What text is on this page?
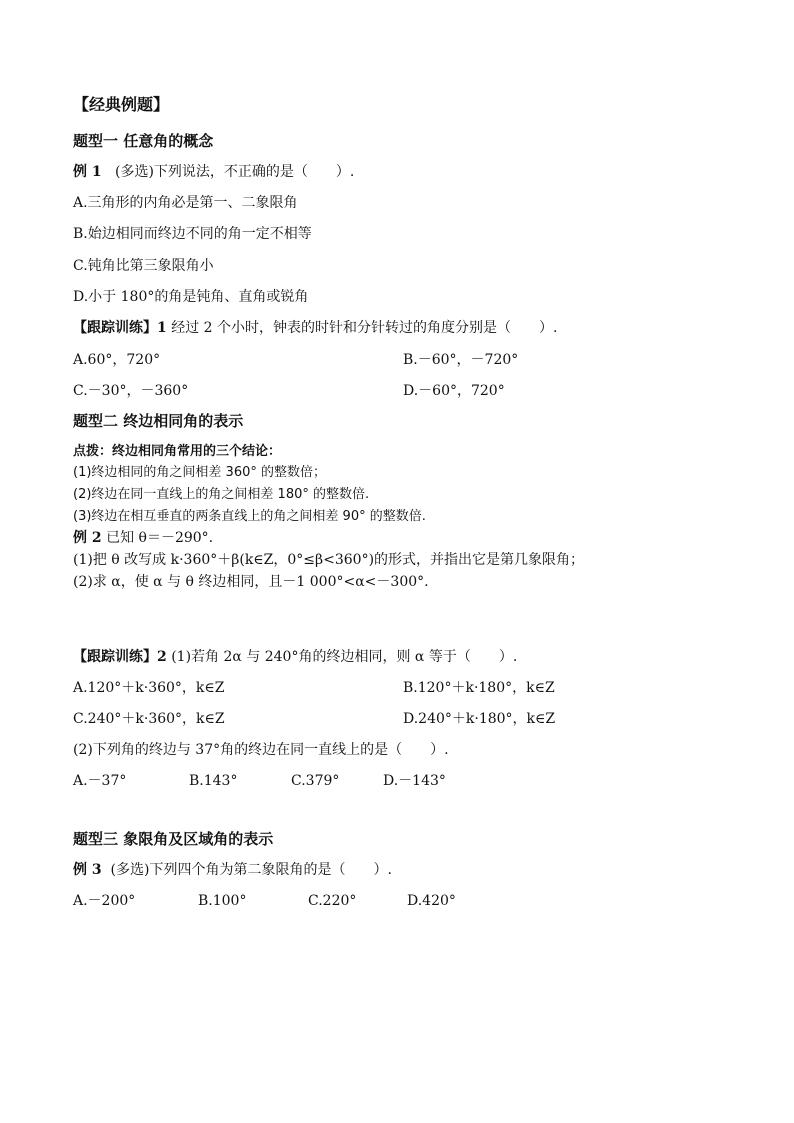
【经典例题】
题型一 任意角的概念
例 1 (多选)下列说法，不正确的是（　　）.
A.三角形的内角必是第一、二象限角
B.始边相同而终边不同的角一定不相等
C.钝角比第三象限角小
D.小于 180°的角是钝角、直角或锐角
【跟踪训练】1 经过 2 个小时，钟表的时针和分针转过的角度分别是（　　）.
A.60°，720°	B.－60°，－720°
C.－30°，－360°	D.－60°，720°
题型二 终边相同角的表示
点拨：终边相同角常用的三个结论：
(1)终边相同的角之间相差 360° 的整数倍；
(2)终边在同一直线上的角之间相差 180° 的整数倍.
(3)终边在相互垂直的两条直线上的角之间相差 90° 的整数倍.
例 2 已知 θ＝－290°.
(1)把 θ 改写成 k·360°＋β(k∈Z，0°≤β<360°)的形式，并指出它是第几象限角；
(2)求 α，使 α 与 θ 终边相同，且－1 000°<α<－300°.
【跟踪训练】2 (1)若角 2α 与 240°角的终边相同，则 α 等于（　　）.
A.120°＋k·360°，k∈Z	B.120°＋k·180°，k∈Z
C.240°＋k·360°，k∈Z	D.240°＋k·180°，k∈Z
(2)下列角的终边与 37°角的终边在同一直线上的是（　　）.
A.－37°	B.143°	C.379°	D.－143°
题型三 象限角及区域角的表示
例 3 (多选)下列四个角为第二象限角的是（　　）.
A.－200°	B.100°	C.220°	D.420°
